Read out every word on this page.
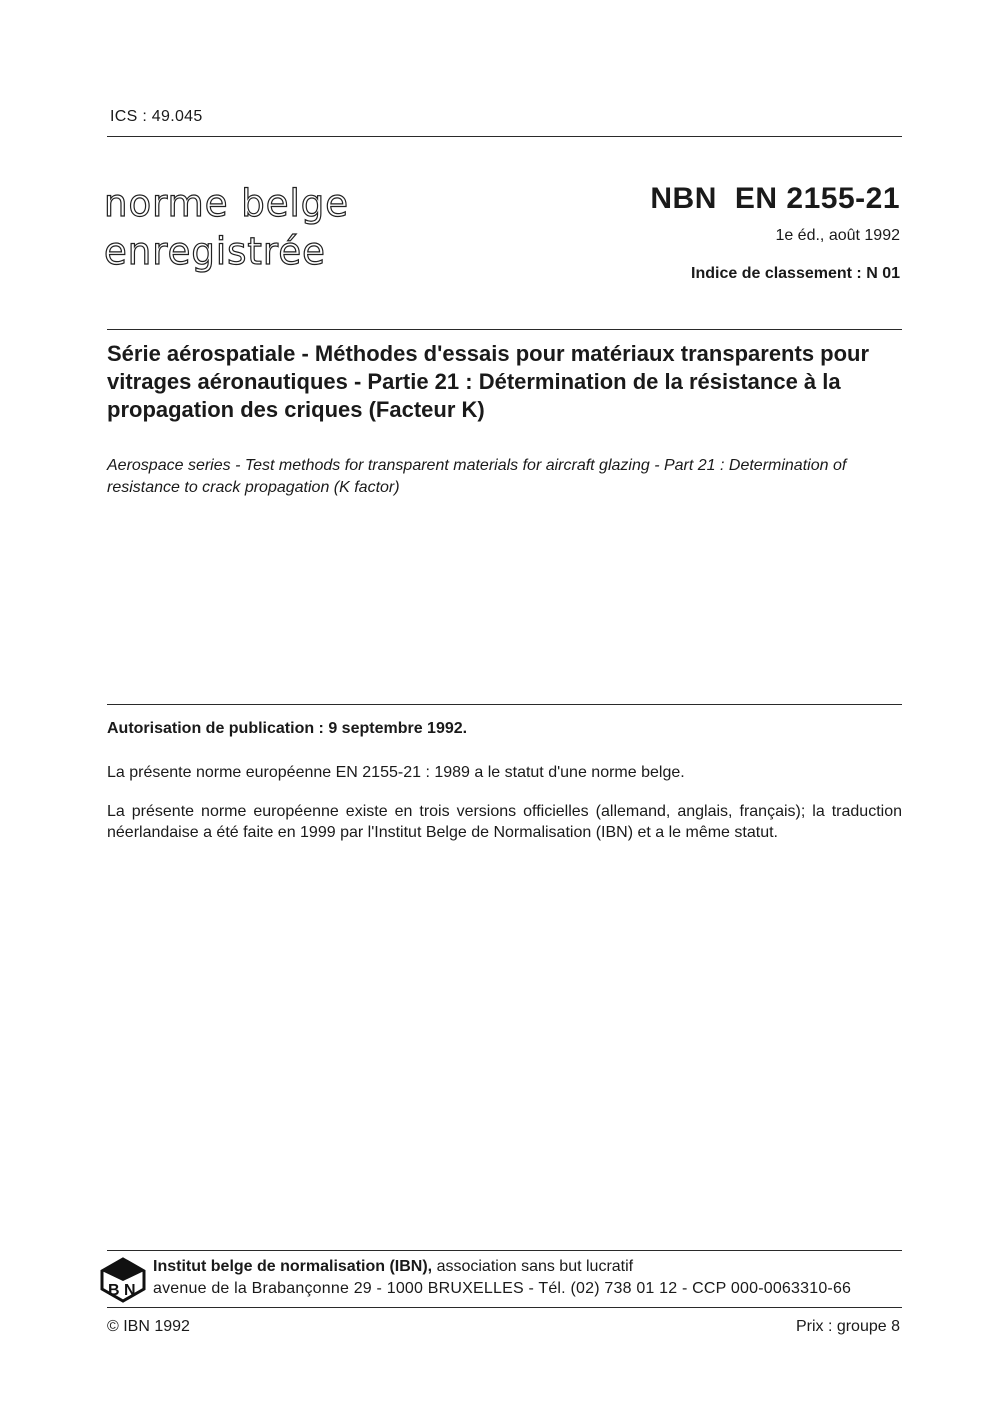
ICS : 49.045
norme belge
enregistrée
NBN EN 2155-21
1e éd., août 1992
Indice de classement : N 01
Série aérospatiale - Méthodes d'essais pour matériaux transparents pour vitrages aéronautiques - Partie 21 : Détermination de la résistance à la propagation des criques (Facteur K)
Aerospace series - Test methods for transparent materials for aircraft glazing - Part 21 : Determination of resistance to crack propagation (K factor)
Autorisation de publication : 9 septembre 1992.
La présente norme européenne EN 2155-21 : 1989 a le statut d'une norme belge.
La présente norme européenne existe en trois versions officielles (allemand, anglais, français); la traduction néerlandaise a été faite en 1999 par l'Institut Belge de Normalisation (IBN) et a le même statut.
B N
Institut belge de normalisation (IBN), association sans but lucratif
avenue de la Brabançonne 29 - 1000 BRUXELLES - Tél. (02) 738 01 12 - CCP 000-0063310-66
© IBN 1992	Prix : groupe 8
